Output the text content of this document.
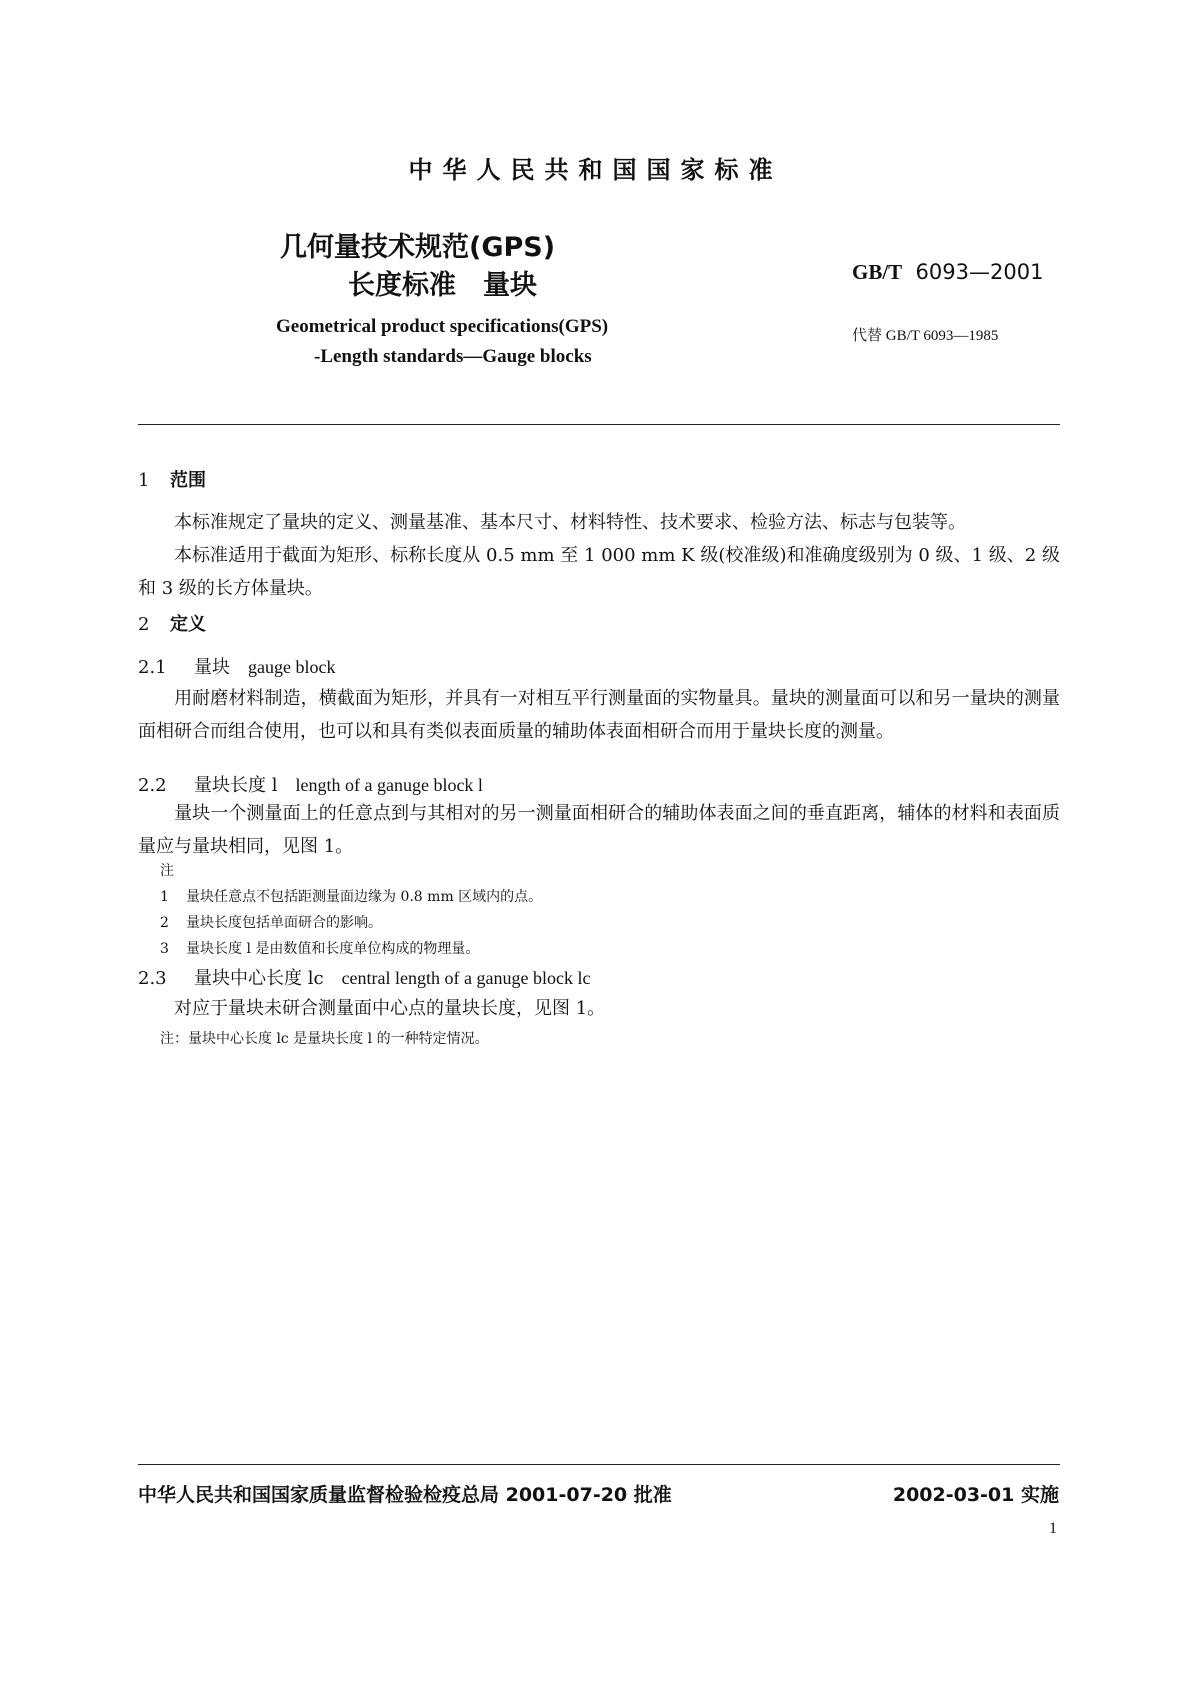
中华人民共和国国家标准
几何量技术规范(GPS)
长度标准　量块	GB/T 6093—2001
代替 GB/T 6093—1985
Geometrical product specifications(GPS)
-Length standards—Gauge blocks
1 范围
本标准规定了量块的定义、测量基准、基本尺寸、材料特性、技术要求、检验方法、标志与包装等。
本标准适用于截面为矩形、标称长度从 0.5 mm 至 1 000 mm K 级(校准级)和准确度级别为 0 级、1 级、2 级和 3 级的长方体量块。
2 定义
2.1 量块 gauge block
用耐磨材料制造，横截面为矩形，并具有一对相互平行测量面的实物量具。量块的测量面可以和另一量块的测量面相研合而组合使用，也可以和具有类似表面质量的辅助体表面相研合而用于量块长度的测量。
2.2 量块长度 l length of a ganuge block l
量块一个测量面上的任意点到与其相对的另一测量面相研合的辅助体表面之间的垂直距离，辅体的材料和表面质量应与量块相同，见图 1。
注
1 量块任意点不包括距测量面边缘为 0.8 mm 区域内的点。
2 量块长度包括单面研合的影响。
3 量块长度 l 是由数值和长度单位构成的物理量。
2.3 量块中心长度 lc central length of a ganuge block lc
对应于量块未研合测量面中心点的量块长度，见图 1。
注：量块中心长度 lc 是量块长度 l 的一种特定情况。
中华人民共和国国家质量监督检验检疫总局 2001-07-20 批准	2002-03-01 实施
1
